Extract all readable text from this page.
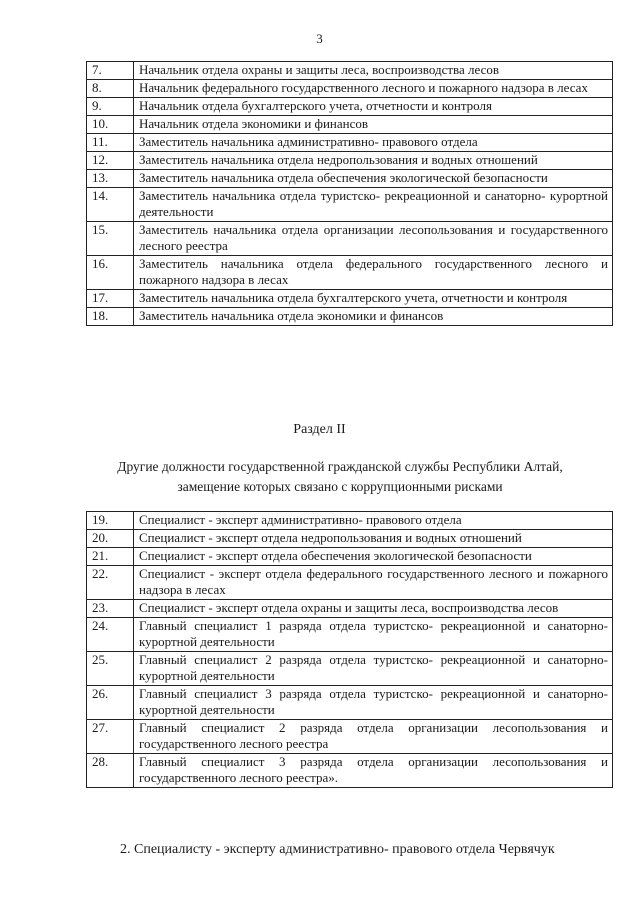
3
7.	Начальник отдела охраны и защиты леса, воспроизводства лесов
8.	Начальник федерального государственного лесного и пожарного надзора в лесах
9.	Начальник отдела бухгалтерского учета, отчетности и контроля
10.	Начальник отдела экономики и финансов
11.	Заместитель начальника административно- правового отдела
12.	Заместитель начальника отдела недропользования и водных отношений
13.	Заместитель начальника отдела обеспечения экологической безопасности
14.	Заместитель начальника отдела туристско- рекреационной и санаторно- курортной деятельности
15.	Заместитель начальника отдела организации лесопользования и государственного лесного реестра
16.	Заместитель начальника отдела федерального государственного лесного и пожарного надзора в лесах
17.	Заместитель начальника отдела бухгалтерского учета, отчетности и контроля
18.	Заместитель начальника отдела экономики и финансов
Раздел II
Другие должности государственной гражданской службы Республики Алтай,
замещение которых связано с коррупционными рисками
19.	Специалист - эксперт административно- правового отдела
20.	Специалист - эксперт отдела недропользования и водных отношений
21.	Специалист - эксперт отдела обеспечения экологической безопасности
22.	Специалист - эксперт отдела федерального государственного лесного и пожарного надзора в лесах
23.	Специалист - эксперт отдела охраны и защиты леса, воспроизводства лесов
24.	Главный специалист 1 разряда отдела туристско- рекреационной и санаторно- курортной деятельности
25.	Главный специалист 2 разряда отдела туристско- рекреационной и санаторно- курортной деятельности
26.	Главный специалист 3 разряда отдела туристско- рекреационной и санаторно- курортной деятельности
27.	Главный специалист 2 разряда отдела организации лесопользования и государственного лесного реестра
28.	Главный специалист 3 разряда отдела организации лесопользования и государственного лесного реестра».
2. Специалисту - эксперту административно- правового отдела Червячук
